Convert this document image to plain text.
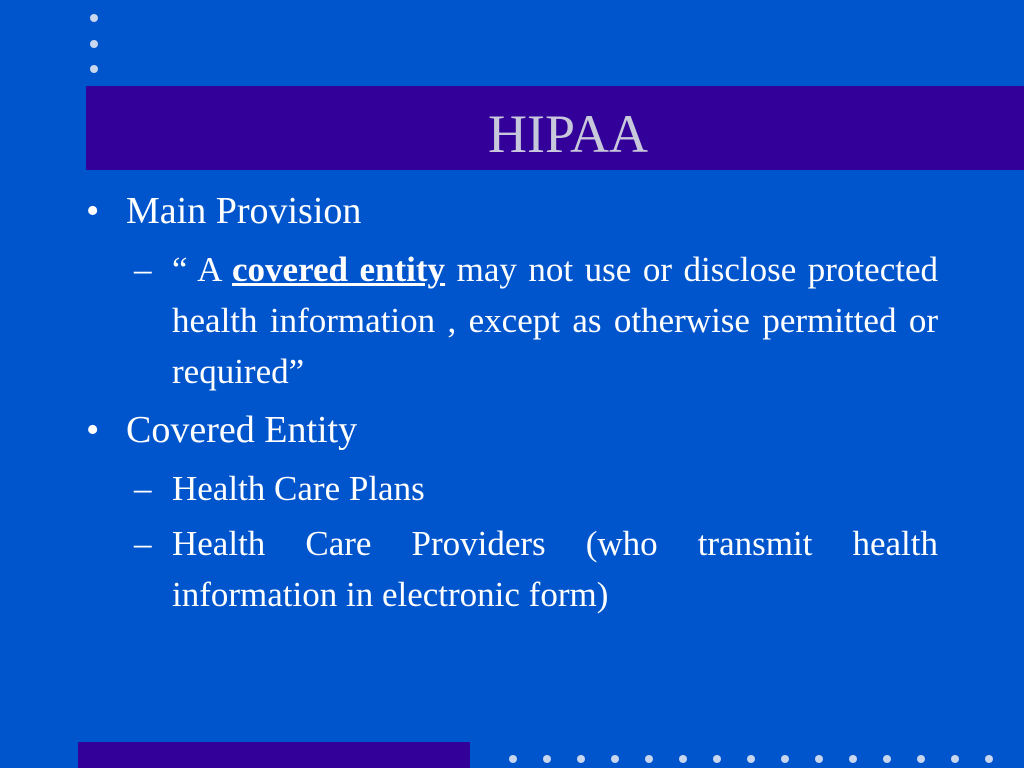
HIPAA
• Main Provision
– “ A covered entity may not use or disclose protected health information , except as otherwise permitted or required”
• Covered Entity
– Health Care Plans
– Health Care Providers (who transmit health information in electronic form)
